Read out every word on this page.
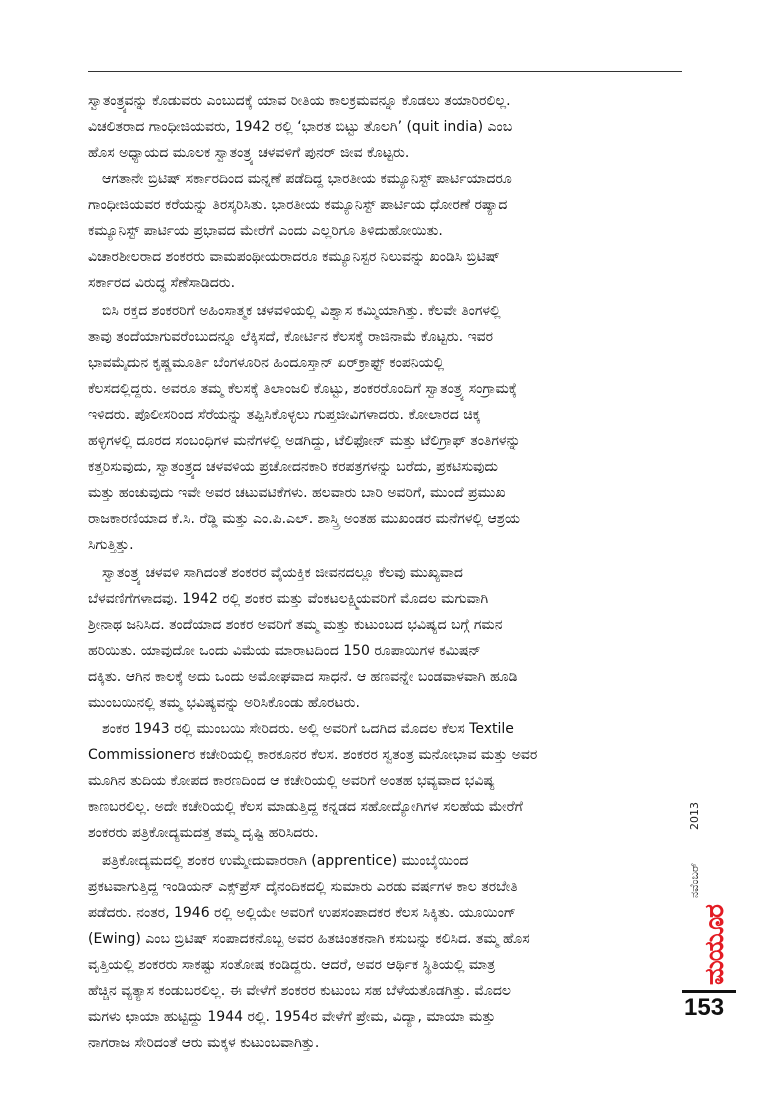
ಸ್ವಾತಂತ್ರ್ಯವನ್ನು ಕೊಡುವರು ಎಂಬುದಕ್ಕೆ ಯಾವ ರೀತಿಯ ಕಾಲಕ್ರಮವನ್ನೂ ಕೊಡಲು ತಯಾರಿರಲಿಲ್ಲ.
ವಿಚಲಿತರಾದ ಗಾಂಧೀಜಿಯವರು, 1942 ರಲ್ಲಿ ‘ಭಾರತ ಬಿಟ್ಟು ತೊಲಗಿ’ (quit india) ಎಂಬ
ಹೊಸ ಅಧ್ಯಾಯದ ಮೂಲಕ ಸ್ವಾತಂತ್ರ್ಯ ಚಳವಳಿಗೆ ಪುನರ್ ಜೀವ ಕೊಟ್ಟರು.
ಆಗತಾನೇ ಬ್ರಿಟಿಷ್ ಸರ್ಕಾರದಿಂದ ಮನ್ನಣೆ ಪಡೆದಿದ್ದ ಭಾರತೀಯ ಕಮ್ಯೂನಿಸ್ಟ್ ಪಾರ್ಟಿಯಾದರೂ
ಗಾಂಧೀಜಿಯವರ ಕರೆಯನ್ನು ತಿರಸ್ಕರಿಸಿತು. ಭಾರತೀಯ ಕಮ್ಯೂನಿಸ್ಟ್ ಪಾರ್ಟಿಯ ಧೋರಣೆ ರಷ್ಯಾದ
ಕಮ್ಯೂನಿಸ್ಟ್ ಪಾರ್ಟಿಯ ಪ್ರಭಾವದ ಮೇರೆಗೆ ಎಂದು ಎಲ್ಲರಿಗೂ ತಿಳಿದುಹೋಯಿತು.
ವಿಚಾರಶೀಲರಾದ ಶಂಕರರು ವಾಮಪಂಥೀಯರಾದರೂ ಕಮ್ಯೂನಿಸ್ಟರ ನಿಲುವನ್ನು ಖಂಡಿಸಿ ಬ್ರಿಟಿಷ್
ಸರ್ಕಾರದ ವಿರುದ್ಧ ಸೆಣೆಸಾಡಿದರು.
ಬಿಸಿ ರಕ್ತದ ಶಂಕರರಿಗೆ ಅಹಿಂಸಾತ್ಮಕ ಚಳವಳಿಯಲ್ಲಿ ವಿಶ್ವಾಸ ಕಮ್ಮಿಯಾಗಿತ್ತು. ಕೆಲವೇ ತಿಂಗಳಲ್ಲಿ
ತಾವು ತಂದೆಯಾಗುವರೆಂಬುದನ್ನೂ ಲೆಕ್ಕಿಸದೆ, ಕೋರ್ಟಿನ ಕೆಲಸಕ್ಕೆ ರಾಜಿನಾಮೆ ಕೊಟ್ಟರು. ಇವರ
ಭಾವಮೈದುನ ಕೃಷ್ಣಮೂರ್ತಿ ಬೆಂಗಳೂರಿನ ಹಿಂದೂಸ್ತಾನ್ ಏರ್‌ಕ್ರಾಫ್ಟ್ ಕಂಪನಿಯಲ್ಲಿ
ಕೆಲಸದಲ್ಲಿದ್ದರು. ಅವರೂ ತಮ್ಮ ಕೆಲಸಕ್ಕೆ ತಿಲಾಂಜಲಿ ಕೊಟ್ಟು, ಶಂಕರರೊಂದಿಗೆ ಸ್ವಾತಂತ್ರ್ಯ ಸಂಗ್ರಾಮಕ್ಕೆ
ಇಳಿದರು. ಪೊಲೀಸರಿಂದ ಸೆರೆಯನ್ನು ತಪ್ಪಿಸಿಕೊಳ್ಳಲು ಗುಪ್ತಜೀವಿಗಳಾದರು. ಕೋಲಾರದ ಚಿಕ್ಕ
ಹಳ್ಳಿಗಳಲ್ಲಿ ದೂರದ ಸಂಬಂಧಿಗಳ ಮನೆಗಳಲ್ಲಿ ಅಡಗಿದ್ದು, ಟೆಲಿಫೋನ್ ಮತ್ತು ಟೆಲಿಗ್ರಾಫ್ ತಂತಿಗಳನ್ನು
ಕತ್ತರಿಸುವುದು, ಸ್ವಾತಂತ್ರ್ಯದ ಚಳವಳಿಯ ಪ್ರಚೋದನಕಾರಿ ಕರಪತ್ರಗಳನ್ನು ಬರೆದು, ಪ್ರಕಟಿಸುವುದು
ಮತ್ತು ಹಂಚುವುದು ಇವೇ ಅವರ ಚಟುವಟಿಕೆಗಳು. ಹಲವಾರು ಬಾರಿ ಅವರಿಗೆ, ಮುಂದೆ ಪ್ರಮುಖ
ರಾಜಕಾರಣಿಯಾದ ಕೆ.ಸಿ. ರೆಡ್ಡಿ ಮತ್ತು ಎಂ.ಪಿ.ಎಲ್. ಶಾಸ್ತ್ರಿ ಅಂತಹ ಮುಖಂಡರ ಮನೆಗಳಲ್ಲಿ ಆಶ್ರಯ
ಸಿಗುತ್ತಿತ್ತು.
ಸ್ವಾತಂತ್ರ್ಯ ಚಳವಳಿ ಸಾಗಿದಂತೆ ಶಂಕರರ ವೈಯಕ್ತಿಕ ಜೀವನದಲ್ಲೂ ಕೆಲವು ಮುಖ್ಯವಾದ
ಬೆಳವಣಿಗೆಗಳಾದವು. 1942 ರಲ್ಲಿ ಶಂಕರ ಮತ್ತು ವೆಂಕಟಲಕ್ಷ್ಮಿಯವರಿಗೆ ಮೊದಲ ಮಗುವಾಗಿ
ಶ್ರೀನಾಥ ಜನಿಸಿದ. ತಂದೆಯಾದ ಶಂಕರ ಅವರಿಗೆ ತಮ್ಮ ಮತ್ತು ಕುಟುಂಬದ ಭವಿಷ್ಯದ ಬಗ್ಗೆ ಗಮನ
ಹರಿಯಿತು. ಯಾವುದೋ ಒಂದು ವಿಮೆಯ ಮಾರಾಟದಿಂದ 150 ರೂಪಾಯಿಗಳ ಕಮಿಷನ್
ದಕ್ಕಿತು. ಆಗಿನ ಕಾಲಕ್ಕೆ ಅದು ಒಂದು ಅಮೋಘವಾದ ಸಾಧನೆ. ಆ ಹಣವನ್ನೇ ಬಂಡವಾಳವಾಗಿ ಹೂಡಿ
ಮುಂಬಯಿನಲ್ಲಿ ತಮ್ಮ ಭವಿಷ್ಯವನ್ನು ಅರಿಸಿಕೊಂಡು ಹೊರಟರು.
ಶಂಕರ 1943 ರಲ್ಲಿ ಮುಂಬಯಿ ಸೇರಿದರು. ಅಲ್ಲಿ ಅವರಿಗೆ ಒದಗಿದ ಮೊದಲ ಕೆಲಸ Textile
Commissionerರ ಕಚೇರಿಯಲ್ಲಿ ಕಾರಕೂನರ ಕೆಲಸ. ಶಂಕರರ ಸ್ವತಂತ್ರ ಮನೋಭಾವ ಮತ್ತು ಅವರ
ಮೂಗಿನ ತುದಿಯ ಕೋಪದ ಕಾರಣದಿಂದ ಆ ಕಚೇರಿಯಲ್ಲಿ ಅವರಿಗೆ ಅಂತಹ ಭವ್ಯವಾದ ಭವಿಷ್ಯ
ಕಾಣಬರಲಿಲ್ಲ. ಅದೇ ಕಚೇರಿಯಲ್ಲಿ ಕೆಲಸ ಮಾಡುತ್ತಿದ್ದ ಕನ್ನಡದ ಸಹೋದ್ಯೋಗಿಗಳ ಸಲಹೆಯ ಮೇರೆಗೆ
ಶಂಕರರು ಪತ್ರಿಕೋದ್ಯಮದತ್ತ ತಮ್ಮ ದೃಷ್ಟಿ ಹರಿಸಿದರು.
ಪತ್ರಿಕೋದ್ಯಮದಲ್ಲಿ ಶಂಕರ ಉಮ್ಮೇದುವಾರರಾಗಿ (apprentice) ಮುಂಬೈಯಿಂದ
ಪ್ರಕಟವಾಗುತ್ತಿದ್ದ ಇಂಡಿಯನ್ ಎಕ್ಸ್‌ಪ್ರೆಸ್ ದೈನಂದಿಕದಲ್ಲಿ ಸುಮಾರು ಎರಡು ವರ್ಷಗಳ ಕಾಲ ತರಬೇತಿ
ಪಡೆದರು. ನಂತರ, 1946 ರಲ್ಲಿ ಅಲ್ಲಿಯೇ ಅವರಿಗೆ ಉಪಸಂಪಾದಕರ ಕೆಲಸ ಸಿಕ್ಕಿತು. ಯೂಯಿಂಗ್
(Ewing) ಎಂಬ ಬ್ರಿಟಿಷ್ ಸಂಪಾದಕನೊಬ್ಬ ಅವರ ಹಿತಚಿಂತಕನಾಗಿ ಕಸುಬನ್ನು ಕಲಿಸಿದ. ತಮ್ಮ ಹೊಸ
ವೃತ್ತಿಯಲ್ಲಿ ಶಂಕರರು ಸಾಕಷ್ಟು ಸಂತೋಷ ಕಂಡಿದ್ದರು. ಆದರೆ, ಅವರ ಆರ್ಥಿಕ ಸ್ಥಿತಿಯಲ್ಲಿ ಮಾತ್ರ
ಹೆಚ್ಚಿನ ವ್ಯತ್ಯಾಸ ಕಂಡುಬರಲಿಲ್ಲ. ಈ ವೇಳೆಗೆ ಶಂಕರರ ಕುಟುಂಬ ಸಹ ಬೆಳೆಯತೊಡಗಿತ್ತು. ಮೊದಲ
ಮಗಳು ಛಾಯಾ ಹುಟ್ಟಿದ್ದು 1944 ರಲ್ಲಿ. 1954ರ ವೇಳೆಗೆ ಪ್ರೇಮ, ವಿದ್ಯಾ, ಮಾಯಾ ಮತ್ತು
ನಾಗರಾಜ ಸೇರಿದಂತೆ ಆರು ಮಕ್ಕಳ ಕುಟುಂಬವಾಗಿತ್ತು.
2013
ನವೆಂಬರ್
ಮಯೂರ
153
